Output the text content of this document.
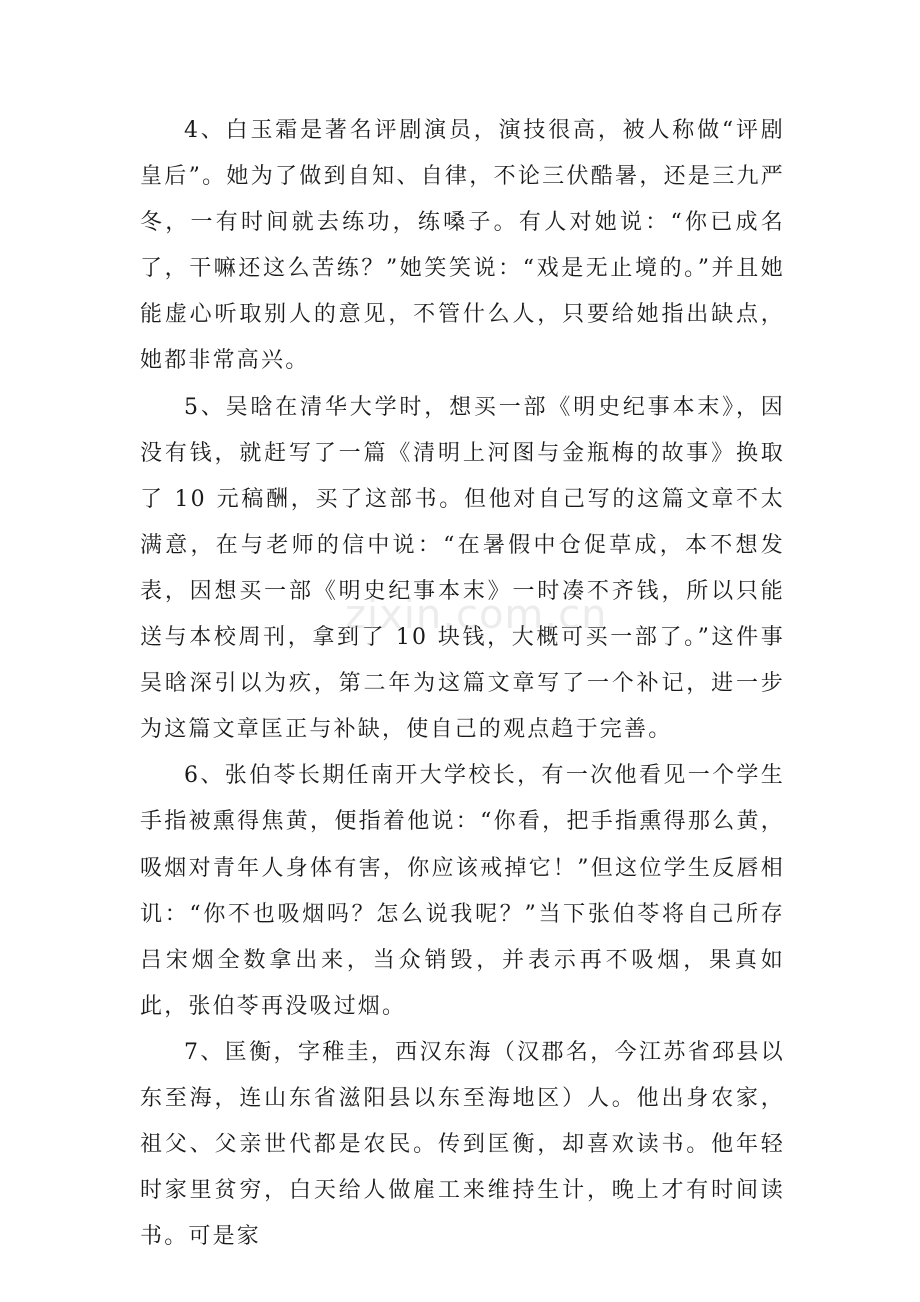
4、白玉霜是著名评剧演员，演技很高，被人称做“评剧皇后”。她为了做到自知、自律，不论三伏酷暑，还是三九严冬，一有时间就去练功，练嗓子。有人对她说：“你已成名了，干嘛还这么苦练？”她笑笑说：“戏是无止境的。”并且她能虚心听取别人的意见，不管什么人，只要给她指出缺点，她都非常高兴。

5、吴晗在清华大学时，想买一部《明史纪事本末》，因没有钱，就赶写了一篇《清明上河图与金瓶梅的故事》换取了 10 元稿酬，买了这部书。但他对自己写的这篇文章不太满意，在与老师的信中说：“在暑假中仓促草成，本不想发表，因想买一部《明史纪事本末》一时凑不齐钱，所以只能送与本校周刊，拿到了 10 块钱，大概可买一部了。”这件事吴晗深引以为疚，第二年为这篇文章写了一个补记，进一步为这篇文章匡正与补缺，使自己的观点趋于完善。

6、张伯苓长期任南开大学校长，有一次他看见一个学生手指被熏得焦黄，便指着他说：“你看，把手指熏得那么黄，吸烟对青年人身体有害，你应该戒掉它！”但这位学生反唇相讥：“你不也吸烟吗？怎么说我呢？”当下张伯苓将自己所存吕宋烟全数拿出来，当众销毁，并表示再不吸烟，果真如此，张伯苓再没吸过烟。

7、匡衡，字稚圭，西汉东海（汉郡名，今江苏省邳县以东至海，连山东省滋阳县以东至海地区）人。他出身农家，祖父、父亲世代都是农民。传到匡衡，却喜欢读书。他年轻时家里贫穷，白天给人做雇工来维持生计，晚上才有时间读书。可是家

zixin.com.cn
